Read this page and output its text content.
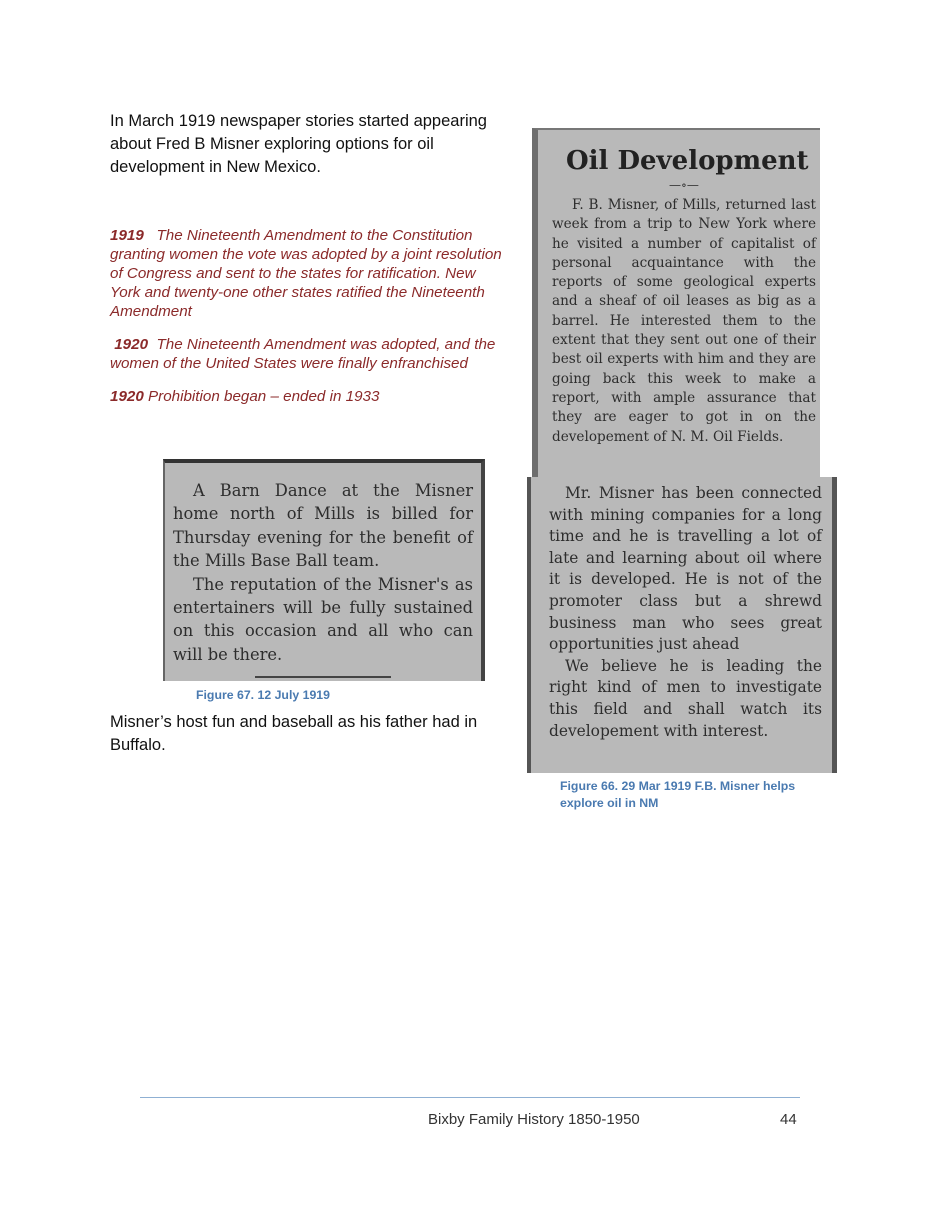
In March 1919 newspaper stories started appearing about Fred B Misner exploring options for oil development in New Mexico.

1919 The Nineteenth Amendment to the Constitution granting women the vote was adopted by a joint resolution of Congress and sent to the states for ratification. New York and twenty-one other states ratified the Nineteenth Amendment

1920 The Nineteenth Amendment was adopted, and the women of the United States were finally enfranchised

1920 Prohibition began – ended in 1933

A Barn Dance at the Misner home north of Mills is billed for Thursday evening for the benefit of the Mills Base Ball team.

The reputation of the Misner's as entertainers will be fully sustained on this occasion and all who can will be there.

Figure 67. 12 July 1919
Misner’s host fun and baseball as his father had in Buffalo.
Oil Development
—∘—

F. B. Misner, of Mills, returned last week from a trip to New York where he visited a number of capitalist of personal acquaintance with the reports of some geological experts and a sheaf of oil leases as big as a barrel. He interested them to the extent that they sent out one of their best oil experts with him and they are going back this week to make a report, with ample assurance that they are eager to got in on the developement of N. M. Oil Fields.

Mr. Misner has been connected with mining companies for a long time and he is travelling a lot of late and learning about oil where it is developed. He is not of the promoter class but a shrewd business man who sees great opportunities just ahead

We believe he is leading the right kind of men to investigate this field and shall watch its developement with interest.

Figure 66. 29 Mar 1919 F.B. Misner helps explore oil in NM
Bixby Family History 1850-1950	44
